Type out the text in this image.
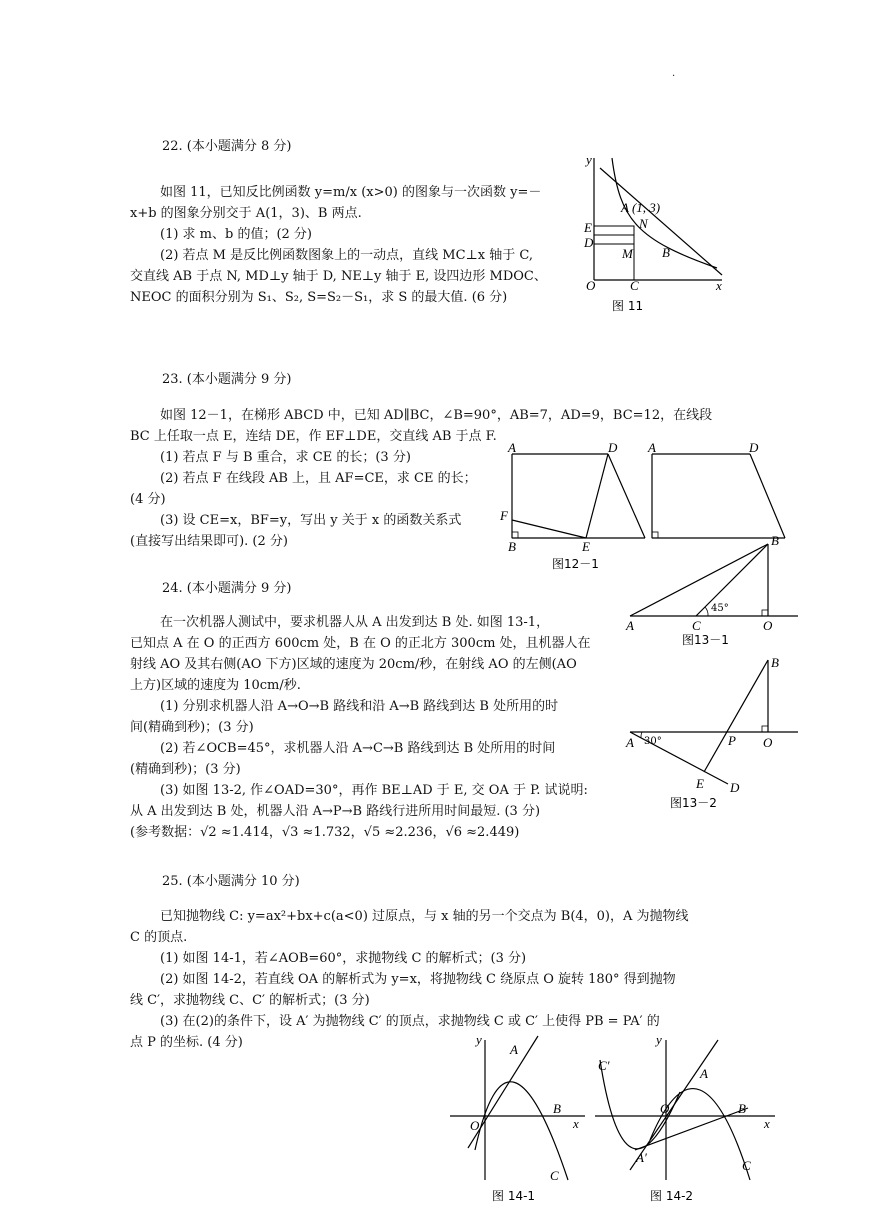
.
22. (本小题满分 8 分)

如图 11，已知反比例函数 y=m/x (x>0) 的图象与一次函数 y=－

x+b 的图象分别交于 A(1，3)、B 两点.

(1) 求 m、b 的值；(2 分)

(2) 若点 M 是反比例函数图象上的一动点，直线 MC⊥x 轴于 C,

交直线 AB 于点 N, MD⊥y 轴于 D, NE⊥y 轴于 E, 设四边形 MDOC、

NEOC 的面积分别为 S₁、S₂, S=S₂－S₁，求 S 的最大值. (6 分)

y
x
O
A (1, 3)
N
E
D
M B
C
图 11
23. (本小题满分 9 分)

如图 12－1，在梯形 ABCD 中，已知 AD∥BC，∠B=90°，AB=7，AD=9，BC=12，在线段

BC 上任取一点 E，连结 DE，作 EF⊥DE，交直线 AB 于点 F.

(1) 若点 F 与 B 重合，求 CE 的长；(3 分)

(2) 若点 F 在线段 AB 上，且 AF=CE，求 CE 的长；

(4 分)

(3) 设 CE=x，BF=y，写出 y 关于 x 的函数关系式

(直接写出结果即可). (2 分)

A	D
F
B	E
A	D
图12－1
24. (本小题满分 9 分)

在一次机器人测试中，要求机器人从 A 出发到达 B 处. 如图 13-1，

已知点 A 在 O 的正西方 600cm 处，B 在 O 的正北方 300cm 处，且机器人在

射线 AO 及其右侧(AO 下方)区域的速度为 20cm/秒，在射线 AO 的左侧(AO

上方)区域的速度为 10cm/秒.

(1) 分别求机器人沿 A→O→B 路线和沿 A→B 路线到达 B 处所用的时

间(精确到秒)；(3 分)

(2) 若∠OCB=45°，求机器人沿 A→C→B 路线到达 B 处所用的时间

(精确到秒)；(3 分)

(3) 如图 13-2, 作∠OAD=30°，再作 BE⊥AD 于 E, 交 OA 于 P. 试说明:

从 A 出发到达 B 处，机器人沿 A→P→B 路线行进所用时间最短. (3 分)

(参考数据：√2 ≈1.414，√3 ≈1.732，√5 ≈2.236，√6 ≈2.449)

45°
A	C	O
B
图13－1
30°
A	P O
B
E D
图13－2
25. (本小题满分 10 分)

已知抛物线 C: y=ax²+bx+c(a<0) 过原点，与 x 轴的另一个交点为 B(4，0)，A 为抛物线

C 的顶点.

(1) 如图 14-1，若∠AOB=60°，求抛物线 C 的解析式；(3 分)

(2) 如图 14-2，若直线 OA 的解析式为 y=x，将抛物线 C 绕原点 O 旋转 180° 得到抛物

线 C′，求抛物线 C、C′ 的解析式；(3 分)

(3) 在(2)的条件下，设 A′ 为抛物线 C′ 的顶点，求抛物线 C 或 C′ 上使得 PB = PA′ 的

点 P 的坐标. (4 分)	y
x
O
A
B
C
图 14-1
y
x
O
A
B
C
C′
A′
图 14-2
